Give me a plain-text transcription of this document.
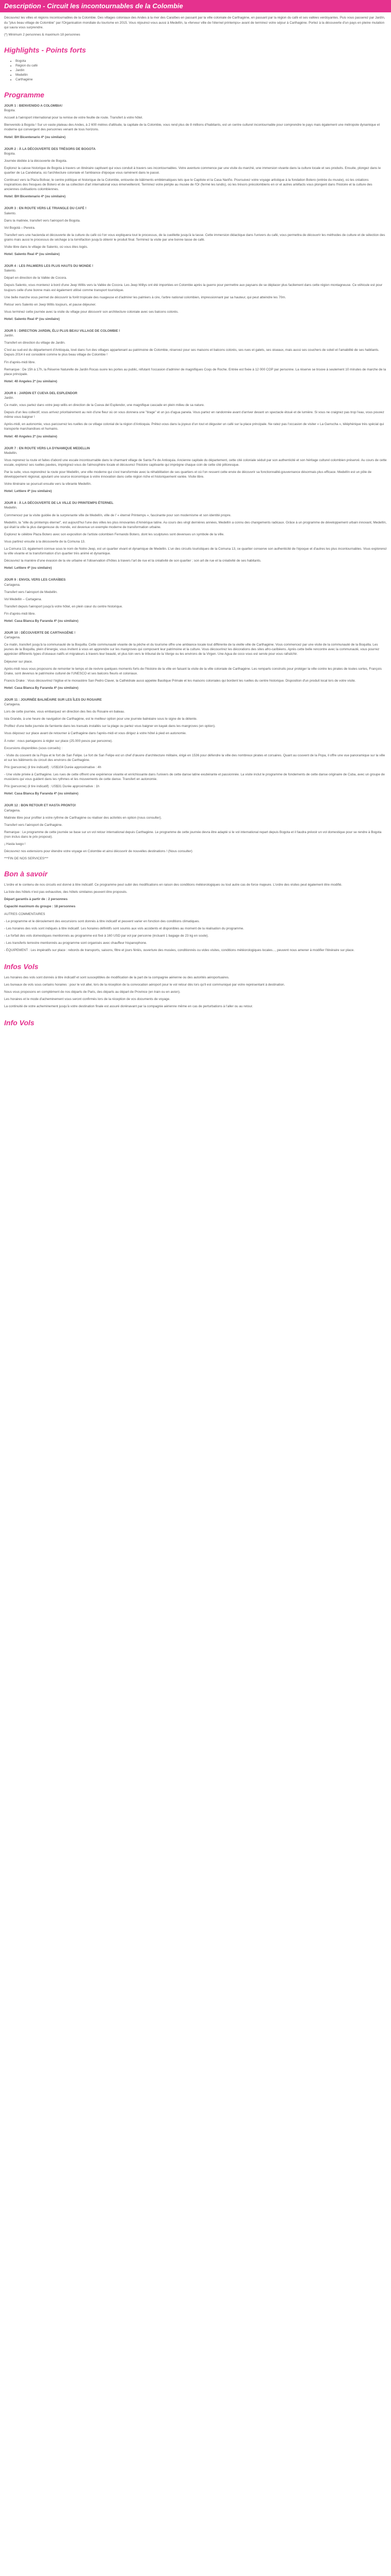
Description - Circuit les incontournables de la Colombie

Découvrez les villes et régions incontournables de la Colombie. Des villages coloniaux des Andes à la mer des Caraïbes en passant par la ville coloniale de Carthagène, en passant par la région du café et ses vallées verdoyantes. Puis vous passerez par Jardín, du "plus beau village de Colombie" par l'Organisation mondiale du tourisme en 2015. Vous réjouirez-vous aussi à Medellín, la «ferveur ville de l'éternel printemps» avant de terminez votre séjour à Carthagène. Portez à la découverte d'un pays en pleine mutation qui saura vous surprendre.

(*) Minimum 2 personnes & maximum 18 personnes

Highlights - Points forts
• Bogota
• Région du café
• Jardin
• Medellin
• Carthagène
Programme

JOUR 1 : BIENVENIDO A COLOMBIA!

Bogota.

Accueil à l'aéroport international pour la remise de votre feuille de route. Transfert à votre hôtel.

Bienvenido à Bogota ! Sur un vaste plateau des Andes, à 2 600 mètres d'altitude, la capitale de la Colombie, vous rend plus de 8 millions d'habitants, est un centre culturel incontournable pour comprendre le pays mais également une métropole dynamique et moderne qui convergent des personnes venant de tous horizons.

Hotel: BH Bicentenario 4* (ou similaire)

JOUR 2 : À LA DÉCOUVERTE DES TRÉSORS DE BOGOTA

Bogota.

Journée dédiée à la découverte de Bogota.

Explorez la caisse historique de Bogota à travers un itinéraire captivant qui vous conduit à travers ses incontournables. Votre aventure commence par une visite du marché, une immersion vivante dans la culture locale et ses produits. Ensuite, plongez dans le quartier de La Candelaria, où l'architecture coloniale et l'ambiance d'époque vous ramènent dans le passé.

Continuez vers la Plaza Bolivar, le centre politique et historique de la Colombie, entourée de bâtiments emblématiques tels que le Capitole et la Casa Nariño. Poursuivez votre voyage artistique à la fondation Botero (entrée du musée), où les créations inspiratrices des fresques de Botero et de sa collection d'art international vous émerveilleront. Terminez votre périple au musée de l'Or (fermé les lundis), où les trésors précolombiens en or et autres artéfacts vous plongent dans l'histoire et la culture des anciennes civilisations colombiennes.

Hotel: BH Bicentenario 4* (ou similaire)

JOUR 3 : EN ROUTE VERS LE TRIANGLE DU CAFÉ !

Salento.

Dans la matinée, transfert vers l'aéroport de Bogota.

Vol Bogotá – Pereira.

Transfert vers une hacienda et découverte de la culture du café où l'on vous expliquera tout le processus, de la cueillette jusqu'à la tasse. Cette immersion didactique dans l'univers du café, vous permettra de découvrir les méthodes de culture et de sélection des grains mais aussi le processus de séchage à la torréfaction jusqu'à obtenir le produit final. Terminez la visite par une bonne tasse de café.

Visite libre dans le village de Salento, où vous êtes logés.

Hotel: Salento Real 4* (ou similaire)

JOUR 4 : LES PALMIERS LES PLUS HAUTS DU MONDE !

Salento.

Départ en direction de la Vallée de Cocora.

Depuis Salento, vous monterez à bord d'une Jeep Willis vers la Vallée de Cocora. Les Jeep Willys ont été importées en Colombie après la guerre pour permettre aux paysans de se déplacer plus facilement dans cette région montagneuse. Ce véhicule est pour toujours celle d'une bonne mais est également utilisé comme transport touristique.

Une belle marche vous permet de découvrir la forêt tropicale des nuageuse et d'admirer les palmiers à cire, l'arbre national colombien, impressionnant par sa hauteur, qui peut atteindre les 70m.

Retour vers Salento en Jeep Willis toujours, et pause déjeuner.

Vous terminez cette journée avec la visite du village pour découvrir son architecture coloniale avec ses balcons colorés.

Hotel: Salento Real 4* (ou similaire)

JOUR 5 : DIRECTION JARDIN, ÉLU PLUS BEAU VILLAGE DE COLOMBIE !

Jardin.

Transfert en direction du village de Jardin.

C'est au sud-est du département d'Antioquia, lové dans l'un des villages appartenant au patrimoine de Colombie, réservez pour ses maisons et balcons colorés, ses rues et galets, ses oiseaux, mais aussi ses couchers de soleil et l'amabilité de ses habitants. Depuis 2014 il est considéré comme le plus beau village de Colombie !

Fin d'après-midi libre.

Remarque : De 15h à 17h, la Réserve Naturelle de Jardin Rocas ouvre les portes au public, réfutant l'occasion d'admirer de magnifiques Coqs de Roche. Entrée est fixée à 12 000 COP par personne. La réserve se trouve à seulement 10 minutes de marche de la place principale.

Hotel: 40 Angeles 2* (ou similaire)

JOUR 6 : JARDIN ET CUEVA DEL ESPLENDOR

Jardin.

Ce matin, vous partez dans votre jeep willis en direction de la Cueva del Esplendor, une magnifique cascade en plein milieu de sa nature.

Depuis d'un lieu collectif, vous arrivez prioritairement au rein d'une fleur où on vous donnera une "tirage" et un jus d'agua panela. Vous partez en randonnée avant d'arriver devant un spectacle étoué et de lumière. Si vous ne craignez pas trop l'eau, vous pouvez même vous baigner !

Après-midi, en autonomie, vous parcourrez les ruelles de ce village colonial de la région d'Antioquia. Prêtez-vous dans la joyeux d'un tout et déguster un café sur la place principale. Ne ratez pas l'occasion de visiter « La Garrucha », téléphérique très spécial qui transporte marchandises et humains.

Hotel: 40 Angeles 2* (ou similaire)

JOUR 7 : EN ROUTE VERS LA DYNAMIQUE MEDELLIN

Medellin.

Vous reprenez la route et faites d'abord une escale incontournable dans le charmant village de Santa Fe de Antioquia. Ancienne capitale du département, cette cité coloniale séduit par son authenticité et son héritage culturel colombien préservé. Au cours de cette escale, explorez ses ruelles pavées, imprégnez-vous de l'atmosphère locale et découvrez l'histoire captivante qui imprègne chaque coin de cette cité pittoresque.

Par la suite, vous reprendrez la route pour Medellin, une ville moderne qui s'est transformée avec la réhabilitation de ses quartiers et où l'on ressent cette envie de découvrir sa fonctionnalité-gouvernance désormais plus efficace. Medellín est un pôle de développement régional, ajoutant une source économique à votre innovation dans cette région riche et historiquement variée. Visite libre.

Votre itinéraire se poursuit ensuite vers la vibrante Medellín.

Hotel: Lettiere 4* (ou similaire)

JOUR 8 : À LA DÉCOUVERTE DE LA VILLE DU PRINTEMPS ÉTERNEL

Medellin.

Commencez par la visite guidée de la surprenante ville de Medellín, ville de l' « éternel Printemps », fascinante pour son modernisme et son identité propre.

Medellín, la "ville du printemps éternel", est aujourd'hui l'une des villes les plus innovantes d'Amérique latine. Au cours des vingt dernières années, Medellín a connu des changements radicaux. Grâce à un programme de développement urbain innovant, Medellín, qui était la ville la plus dangereuse du monde, est devenue un exemple moderne de transformation urbaine.

Explorez le célèbre Plaza Botero avec son exposition de l'artiste colombien Fernando Botero, dont les sculptures sont devenues un symbole de la ville.

Vous partirez ensuite à la découverte de la Comuna 13.

La Comuna 13, également connue sous le nom de Notre-Jeep, est un quartier vivant et dynamique de Medellin. L'un des circuits touristiques de la Comuna 13, ce quartier conserve son authenticité de l'époque et d'autres les plus incontournables. Vous explorerez la ville vivante et la transformation d'un quartier très animé et dynamique.

Découvrez la manière d'une évasion de la vie urbaine et l'observation d'hôtes à travers l'art de rue et la créativité de son quartier ; son art de rue et la créativité de ses habitants.

Hotel: Lettiere 4* (ou similaire)

JOUR 9 : ENVOL VERS LES CARAÏBES

Cartagena.

Transfert vers l'aéroport de Medellin.

Vol Medellin – Cartagena.

Transfert depuis l'aéroport jusqu'à votre hôtel, en plein cœur du centre historique.

Fin d'après-midi libre.

Hotel: Casa Blanca By Faranda 4* (ou similaire)

JOUR 10 : DÉCOUVERTE DE CARTHAGÈNE !

Cartagena.

Ce matin, transfert jusqu'à la communauté de la Boquilla. Cette communauté vivante de la pêche et du tourisme offre une ambiance locale tout différente de la vieille ville de Carthagène. Vous commencez par une visite de la communauté de la Boquilla. Les jeunes de la Boquilla, plein d'énergie, vous invitent à vous en apprendre sur les mangroves qui composent leur patrimoine et la culture. Vous découvrirez les décorations des sites afro-caribéens. Après cette belle rencontre avec la communauté, vous pourrez apprécier différents types d'oiseaux natifs et migrateurs à travers leur beauté, et plus loin vers le tribunal de la Vierge ou les environs de la Virgen. Une Agua de coco vous est servie pour vous rafraîchir.

Déjeuner sur place.

Après-midi nous vous proposons de remonter le temps et de revivre quelques moments forts de l'histoire de la ville en faisant la visite de la ville coloniale de Carthagène. Les remparts construits pour protéger la ville contre les pirates de toutes sortes, François Drake, sont devenus le patrimoine culturel de l'UNESCO et ses balcons fleuris et coloniaux.

Francis Drake : Vous découvrirez l'église et le monastère San Pedro Claver, la Cathédrale aussi appelée Basilique Primale et les maisons coloniales qui bordent les ruelles du centre historique. Disposition d'un produit local lors de votre visite.

Hotel: Casa Blanca By Faranda 4* (ou similaire)

JOUR 11 : JOURNÉE BALNÉAIRE SUR LES ÎLES DU ROSAIRE

Cartagena.

Lors de cette journée, vous embarquez en direction des îles du Rosaire en bateau.

Isla Grande, à une heure de navigation de Carthagène, est le meilleur option pour une journée balnéaire sous le signe de la détente.

Profitez d'une belle journée de farniente dans les transats installés sur la plage ou partez vous baigner en kayak dans les mangroves (en option).

Vous déposez sur place avant de retourner à Carthagène dans l'après-midi et vous dirigez à votre hôtel à pied en autonomie.

À noter : nous partageons à régler sur place (25.000 pesos par personne).

Excursions disponibles (sous conseils) :

- Visite du couvent de la Popa et le fort de San Felipe. Le fort de San Felipe est un chef d'œuvre d'architecture militaire, érigé en 1536 pour défendre la ville des nombreux pirates et corsaires. Quant au couvent de la Popa, il offre une vue panoramique sur la ville et sur les bâtiments du circuit des environs de Carthagène.

Prix (personne) (il tire indicatif) : US$104 Durée approximative : 4h

- Une visite privée à Carthagène. Les rues de cette offrent une expérience vivante et enrichissante dans l'univers de cette danse latine exubérante et passionnée. La visite inclut le programme de fondements de cette danse originaire de Cuba, avec un groupe de musiciens qui vous guident dans les rythmes et les mouvements de cette danse. Transfert en autonomie.

Prix (personne) (il tire indicatif) : US$31 Durée approximative : 1h

Hotel: Casa Blanca By Faranda 4* (ou similaire)

JOUR 12 : BON RETOUR ET HASTA PRONTO!

Cartagena.

Matinée libre pour profiter à votre rythme de Carthagène ou réaliser des activités en option (nous consulter).

Transfert vers l'aéroport de Carthagène.

Remarque : Le programme de cette journée se base sur un vol retour international depuis Carthagène. Le programme de cette journée devra être adapté si le vol international repart depuis Bogota et il faudra prévoir un vol domestique pour se rendre à Bogota (non inclus dans le prix proposé).

¡ Hasta luego !

Découvrez nos extensions pour étendre votre voyage en Colombie et ainsi découvrir de nouvelles destinations ! (Nous consulter)

***FIN DE NOS SERVICES***

Bon à savoir

L'ordre et le contenu de nos circuits est donné à titre indicatif. Ce programme peut subir des modifications en raison des conditions météorologiques ou tout autre cas de force majeure. L'ordre des visites peut également être modifié.

La liste des hôtels n'est pas exhaustive, des hôtels similaires peuvent être proposés.

Départ garantis à partir de : 2 personnes

Capacité maximum du groupe : 18 personnes

AUTRES COMMENTAIRES

- Le programme et le déroulement des excursions sont donnés à titre indicatif et peuvent varier en fonction des conditions climatiques.

- Les horaires des vols sont indiqués à titre indicatif. Les horaires définitifs sont soumis aux vols accidents et disponibles au moment de la réalisation du programme.

- Le forfait des vols domestiques mentionnés au programme est fixé à 160 USD par vol par personne (incluant 1 bagage de 23 kg en soute).

- Les transferts terrestre mentionnés au programme sont organisés avec chauffeur hispanophone.

- ÉQUIPEMENT : Les impératifs sur place : rebords de transports, saisons, filtre et jours fériés, ouverture des musées, conditionnés ou vides visites, conditions météorologiques locales..., peuvent nous amener à modifier l'itinéraire sur place.

Infos Vols

Les horaires des vols sont donnés à titre indicatif et sont susceptibles de modification de la part de la compagnie aérienne ou des autorités aéroportuaires.

Les bureaux de vols sous certains horaires : pour le vol aller, lors de la réception de la convocation aéroport pour le vol retour dès lors qu'il est communiqué par votre représentant à destination.

Nous vous proposons en complément de nos départs de Paris, des départs au départ de Province (en train ou en avion).

Les horaires et le mode d'acheminement vous seront confirmés lors de la réception de vos documents de voyage.

La continuité de votre acheminement jusqu'à votre destination finale est assuré dorénavant par la compagnie aérienne même en cas de perturbations à l'aller ou au retour.

Info Vols
